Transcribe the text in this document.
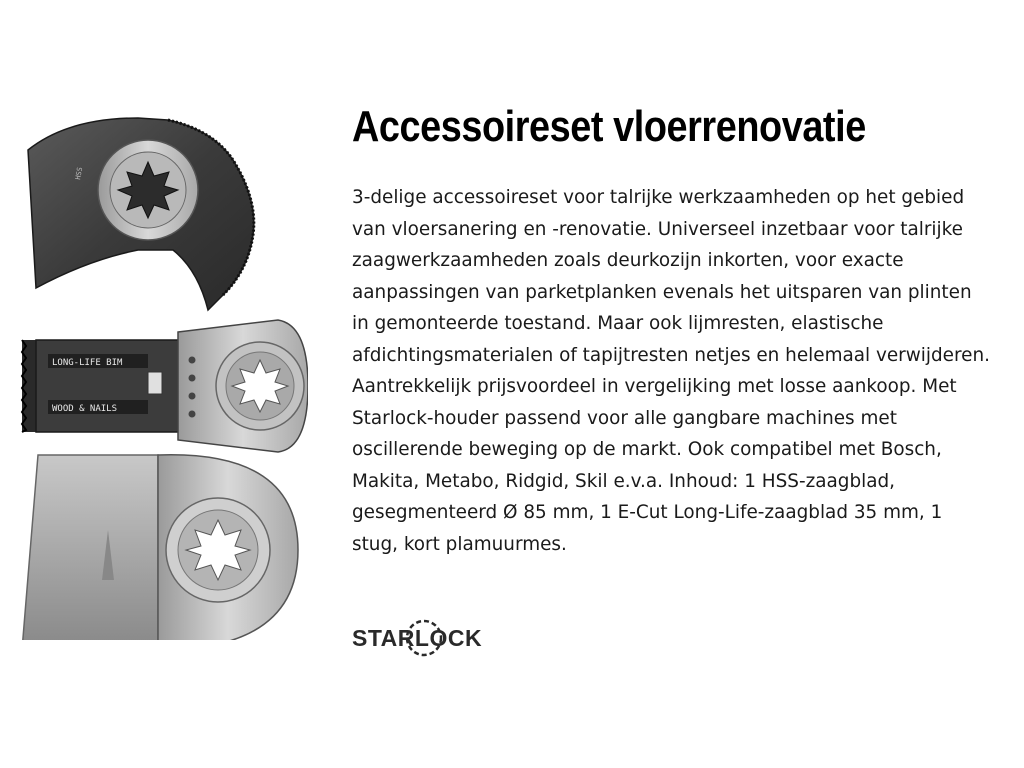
HSS
LONG-LIFE BIM
WOOD & NAILS
Accessoireset vloerrenovatie

3-delige accessoireset voor talrijke werkzaamheden op het gebied van vloersanering en -renovatie. Universeel inzetbaar voor talrijke zaagwerkzaamheden zoals deurkozijn inkorten, voor exacte aanpassingen van parketplanken evenals het uitsparen van plinten in gemonteerde toestand. Maar ook lijmresten, elastische afdichtingsmaterialen of tapijtresten netjes en helemaal verwijderen. Aantrekkelijk prijsvoordeel in vergelijking met losse aankoop. Met Starlock-houder passend voor alle gangbare machines met oscillerende beweging op de markt. Ook compatibel met Bosch, Makita, Metabo, Ridgid, Skil e.v.a. Inhoud: 1 HSS-zaagblad, gesegmenteerd Ø 85 mm, 1 E-Cut Long-Life-zaagblad 35 mm, 1 stug, kort plamuurmes.

STARLOCK
